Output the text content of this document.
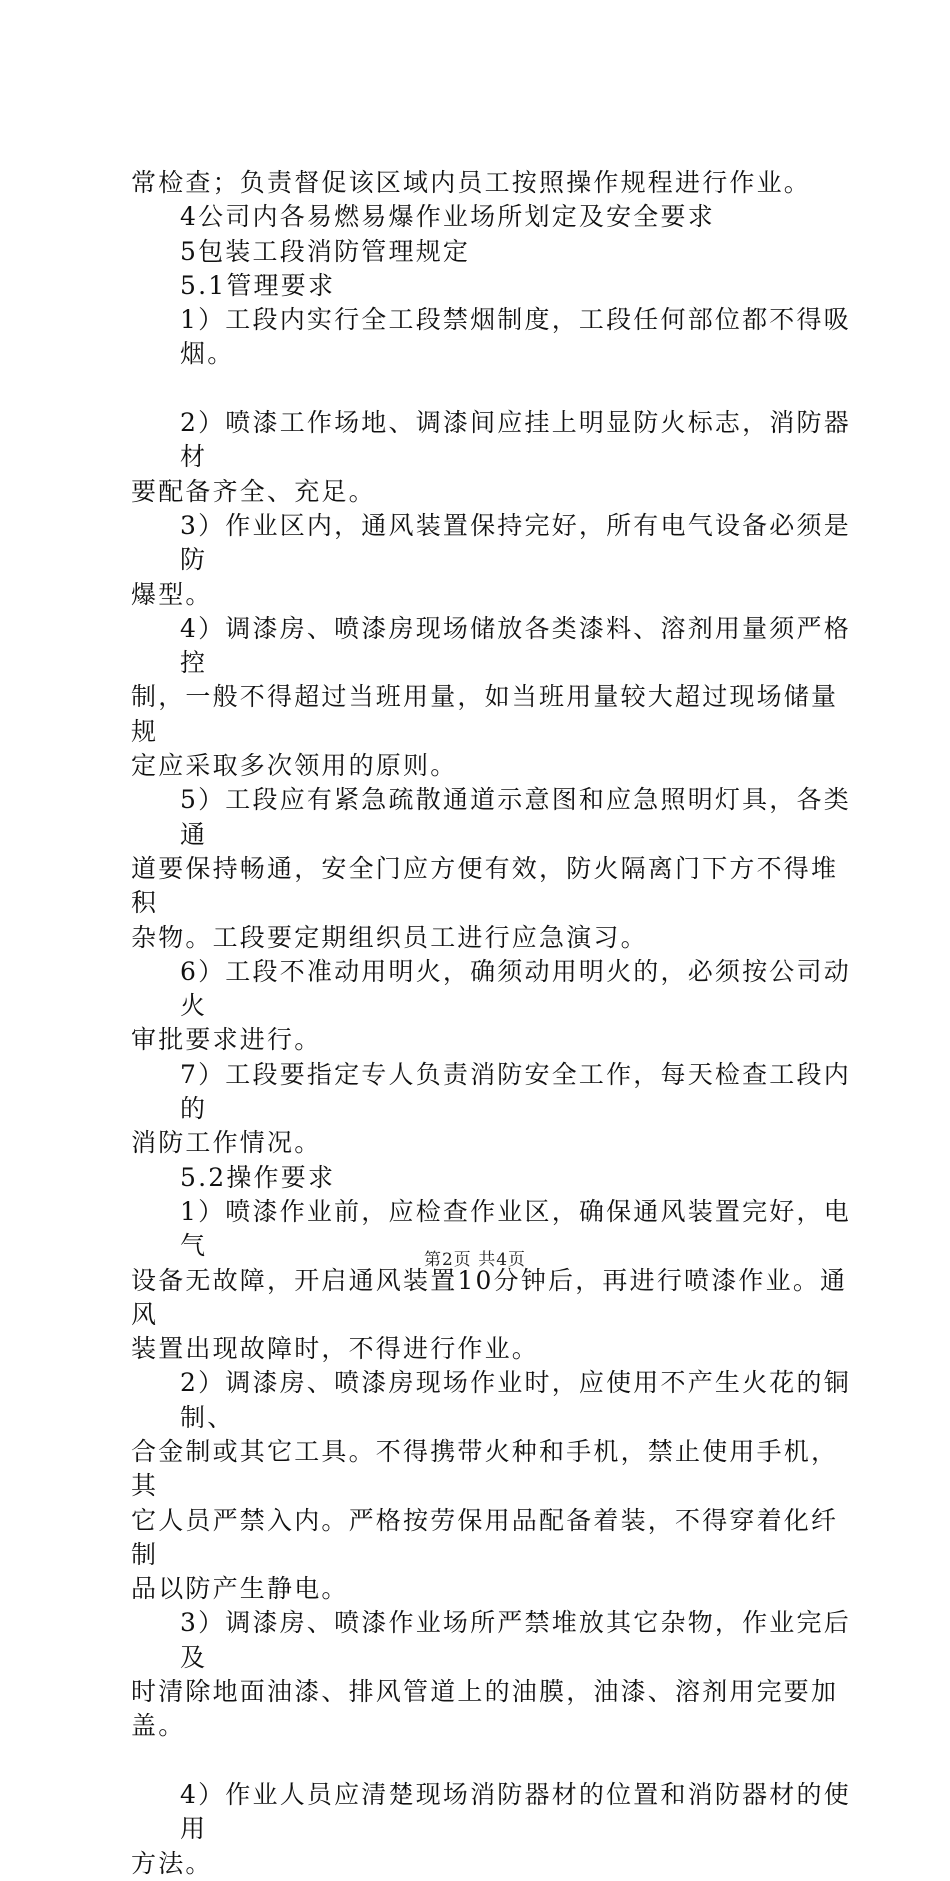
常检查；负责督促该区域内员工按照操作规程进行作业。
4公司内各易燃易爆作业场所划定及安全要求
5包装工段消防管理规定
5.1管理要求
1）工段内实行全工段禁烟制度，工段任何部位都不得吸烟。
2）喷漆工作场地、调漆间应挂上明显防火标志，消防器材
要配备齐全、充足。
3）作业区内，通风装置保持完好，所有电气设备必须是防
爆型。
4）调漆房、喷漆房现场储放各类漆料、溶剂用量须严格控
制，一般不得超过当班用量，如当班用量较大超过现场储量规
定应采取多次领用的原则。
5）工段应有紧急疏散通道示意图和应急照明灯具，各类通
道要保持畅通，安全门应方便有效，防火隔离门下方不得堆积
杂物。工段要定期组织员工进行应急演习。
6）工段不准动用明火，确须动用明火的，必须按公司动火
审批要求进行。
7）工段要指定专人负责消防安全工作，每天检查工段内的
消防工作情况。
5.2操作要求
1）喷漆作业前，应检查作业区，确保通风装置完好，电气
设备无故障，开启通风装置10分钟后，再进行喷漆作业。通风
装置出现故障时，不得进行作业。
2）调漆房、喷漆房现场作业时，应使用不产生火花的铜制、
合金制或其它工具。不得携带火种和手机，禁止使用手机，其
它人员严禁入内。严格按劳保用品配备着装，不得穿着化纤制
品以防产生静电。
3）调漆房、喷漆作业场所严禁堆放其它杂物，作业完后及
时清除地面油漆、排风管道上的油膜，油漆、溶剂用完要加盖。
4）作业人员应清楚现场消防器材的位置和消防器材的使用
方法。
第2页 共4页
